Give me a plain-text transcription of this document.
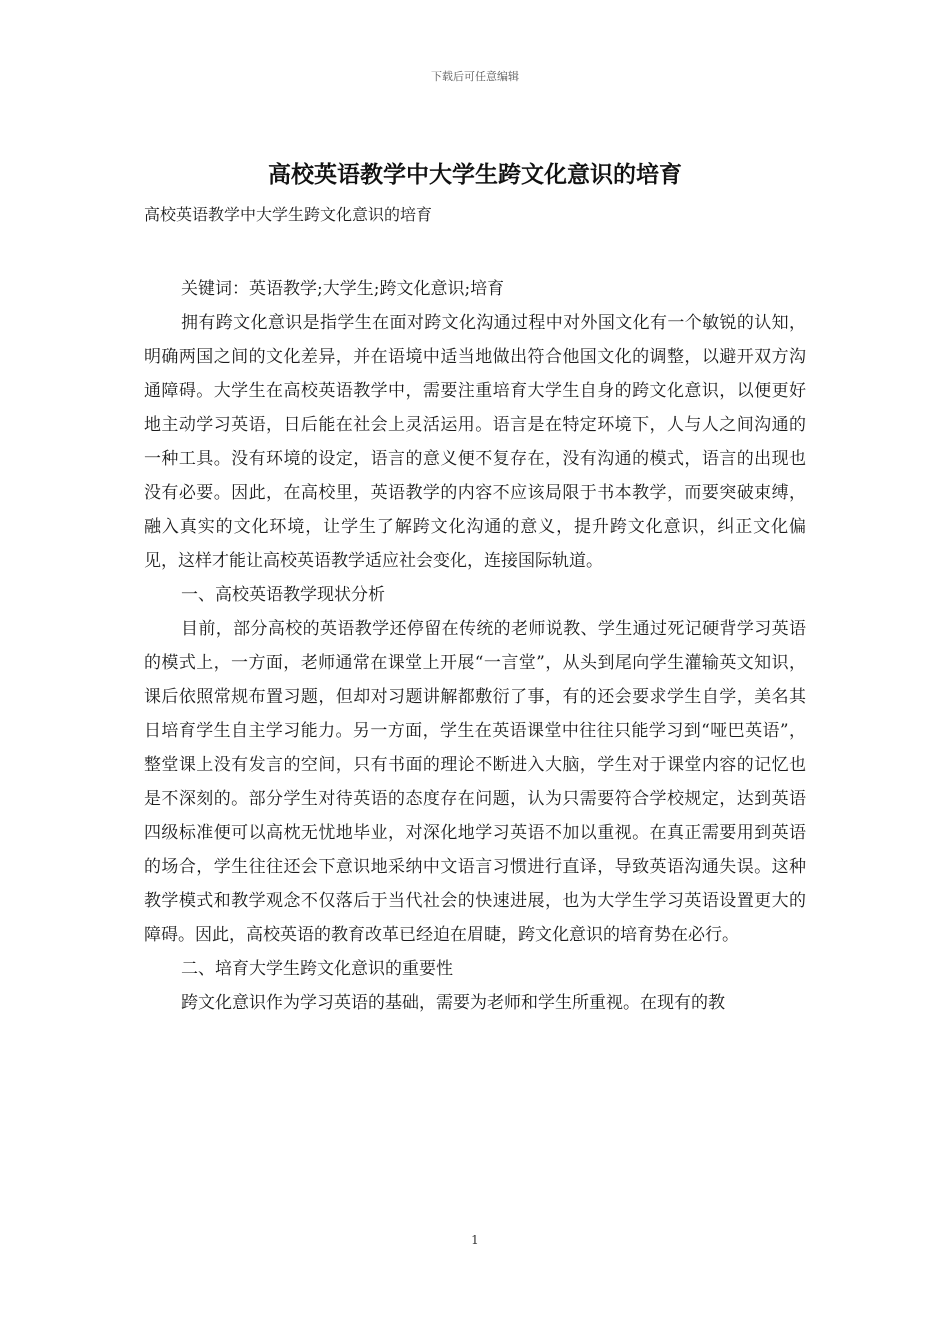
下载后可任意编辑
高校英语教学中大学生跨文化意识的培育

高校英语教学中大学生跨文化意识的培育

关键词：英语教学;大学生;跨文化意识;培育

拥有跨文化意识是指学生在面对跨文化沟通过程中对外国文化有一个敏锐的认知，明确两国之间的文化差异，并在语境中适当地做出符合他国文化的调整，以避开双方沟通障碍。大学生在高校英语教学中，需要注重培育大学生自身的跨文化意识，以便更好地主动学习英语，日后能在社会上灵活运用。语言是在特定环境下，人与人之间沟通的一种工具。没有环境的设定，语言的意义便不复存在，没有沟通的模式，语言的出现也没有必要。因此，在高校里，英语教学的内容不应该局限于书本教学，而要突破束缚，融入真实的文化环境，让学生了解跨文化沟通的意义，提升跨文化意识，纠正文化偏见，这样才能让高校英语教学适应社会变化，连接国际轨道。

一、高校英语教学现状分析

目前，部分高校的英语教学还停留在传统的老师说教、学生通过死记硬背学习英语的模式上，一方面，老师通常在课堂上开展“一言堂”，从头到尾向学生灌输英文知识，课后依照常规布置习题，但却对习题讲解都敷衍了事，有的还会要求学生自学，美名其日培育学生自主学习能力。另一方面，学生在英语课堂中往往只能学习到“哑巴英语”，整堂课上没有发言的空间，只有书面的理论不断进入大脑，学生对于课堂内容的记忆也是不深刻的。部分学生对待英语的态度存在问题，认为只需要符合学校规定，达到英语四级标准便可以高枕无忧地毕业，对深化地学习英语不加以重视。在真正需要用到英语的场合，学生往往还会下意识地采纳中文语言习惯进行直译，导致英语沟通失误。这种教学模式和教学观念不仅落后于当代社会的快速进展，也为大学生学习英语设置更大的障碍。因此，高校英语的教育改革已经迫在眉睫，跨文化意识的培育势在必行。

二、培育大学生跨文化意识的重要性

跨文化意识作为学习英语的基础，需要为老师和学生所重视。在现有的教

1
